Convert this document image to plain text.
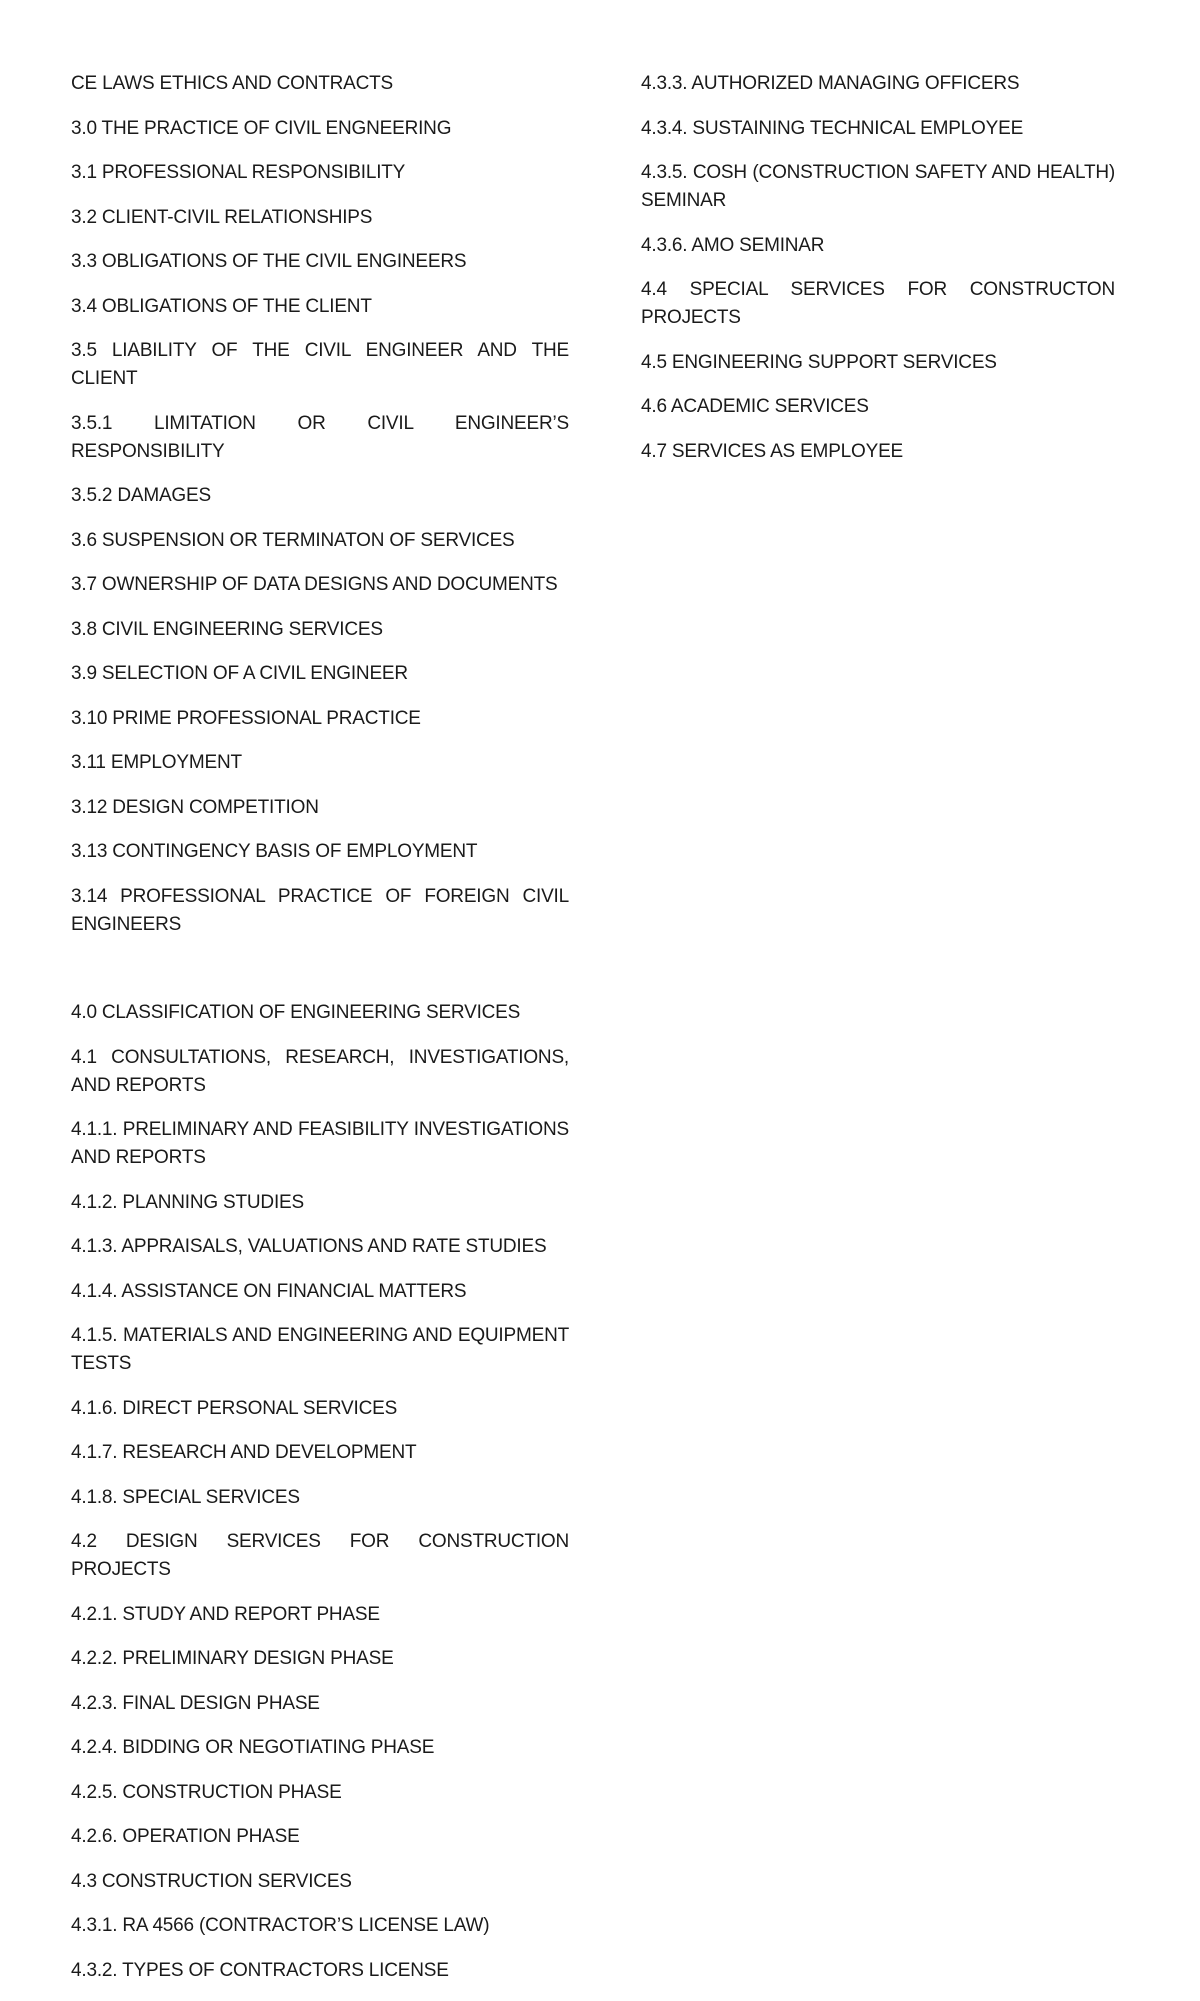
CE LAWS ETHICS AND CONTRACTS

3.0 THE PRACTICE OF CIVIL ENGNEERING

3.1 PROFESSIONAL RESPONSIBILITY

3.2 CLIENT-CIVIL RELATIONSHIPS

3.3 OBLIGATIONS OF THE CIVIL ENGINEERS

3.4 OBLIGATIONS OF THE CLIENT

3.5 LIABILITY OF THE CIVIL ENGINEER AND THE CLIENT

3.5.1 LIMITATION OR CIVIL ENGINEER’S RESPONSIBILITY

3.5.2 DAMAGES

3.6 SUSPENSION OR TERMINATON OF SERVICES

3.7 OWNERSHIP OF DATA DESIGNS AND DOCUMENTS

3.8 CIVIL ENGINEERING SERVICES

3.9 SELECTION OF A CIVIL ENGINEER

3.10 PRIME PROFESSIONAL PRACTICE

3.11 EMPLOYMENT

3.12 DESIGN COMPETITION

3.13 CONTINGENCY BASIS OF EMPLOYMENT

3.14 PROFESSIONAL PRACTICE OF FOREIGN CIVIL ENGINEERS

4.0 CLASSIFICATION OF ENGINEERING SERVICES

4.1 CONSULTATIONS, RESEARCH, INVESTIGATIONS, AND REPORTS

4.1.1. PRELIMINARY AND FEASIBILITY INVESTIGATIONS AND REPORTS

4.1.2. PLANNING STUDIES

4.1.3. APPRAISALS, VALUATIONS AND RATE STUDIES

4.1.4. ASSISTANCE ON FINANCIAL MATTERS

4.1.5. MATERIALS AND ENGINEERING AND EQUIPMENT TESTS

4.1.6. DIRECT PERSONAL SERVICES

4.1.7. RESEARCH AND DEVELOPMENT

4.1.8. SPECIAL SERVICES

4.2 DESIGN SERVICES FOR CONSTRUCTION PROJECTS

4.2.1. STUDY AND REPORT PHASE

4.2.2. PRELIMINARY DESIGN PHASE

4.2.3. FINAL DESIGN PHASE

4.2.4. BIDDING OR NEGOTIATING PHASE

4.2.5. CONSTRUCTION PHASE

4.2.6. OPERATION PHASE

4.3 CONSTRUCTION SERVICES

4.3.1. RA 4566 (CONTRACTOR’S LICENSE LAW)

4.3.2. TYPES OF CONTRACTORS LICENSE

4.3.3. AUTHORIZED MANAGING OFFICERS

4.3.4. SUSTAINING TECHNICAL EMPLOYEE

4.3.5. COSH (CONSTRUCTION SAFETY AND HEALTH) SEMINAR

4.3.6. AMO SEMINAR

4.4 SPECIAL SERVICES FOR CONSTRUCTON PROJECTS

4.5 ENGINEERING SUPPORT SERVICES

4.6 ACADEMIC SERVICES

4.7 SERVICES AS EMPLOYEE
